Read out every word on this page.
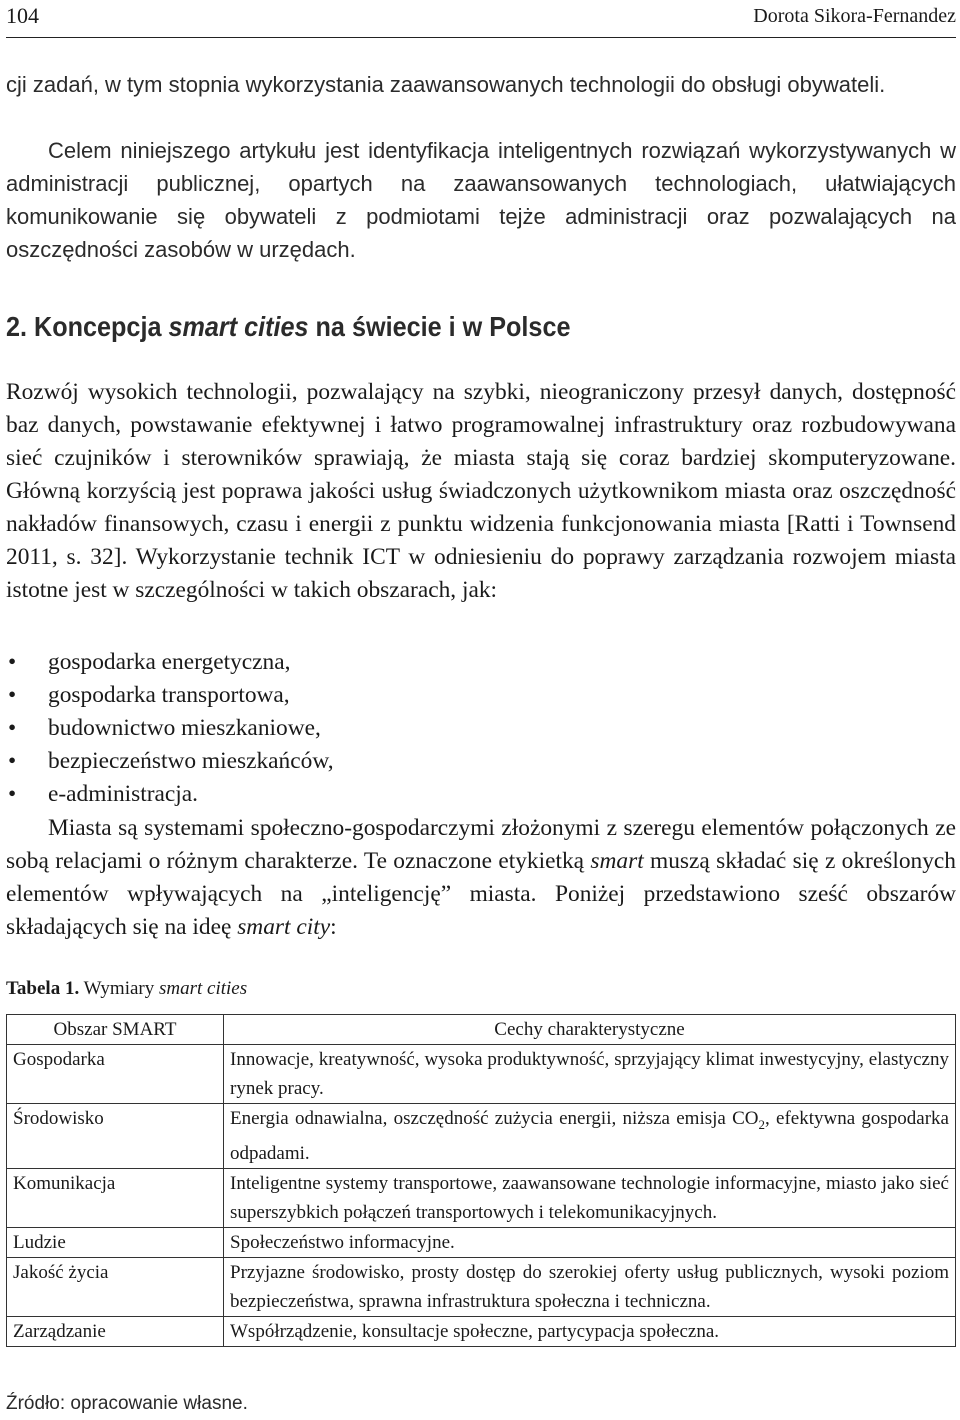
104	Dorota Sikora-Fernandez
cji zadań, w tym stopnia wykorzystania zaawansowanych technologii do obsługi obywateli.
Celem niniejszego artykułu jest identyfikacja inteligentnych rozwiązań wykorzystywanych w administracji publicznej, opartych na zaawansowanych technologiach, ułatwiających komunikowanie się obywateli z podmiotami tejże administracji oraz pozwalających na oszczędności zasobów w urzędach.
2. Koncepcja smart cities na świecie i w Polsce
Rozwój wysokich technologii, pozwalający na szybki, nieograniczony przesył danych, dostępność baz danych, powstawanie efektywnej i łatwo programowalnej infrastruktury oraz rozbudowywana sieć czujników i sterowników sprawiają, że miasta stają się coraz bardziej skomputeryzowane. Główną korzyścią jest poprawa jakości usług świadczonych użytkownikom miasta oraz oszczędność nakładów finansowych, czasu i energii z punktu widzenia funkcjonowania miasta [Ratti i Townsend 2011, s. 32]. Wykorzystanie technik ICT w odniesieniu do poprawy zarządzania rozwojem miasta istotne jest w szczególności w takich obszarach, jak:
• gospodarka energetyczna,
• gospodarka transportowa,
• budownictwo mieszkaniowe,
• bezpieczeństwo mieszkańców,
• e-administracja.
Miasta są systemami społeczno-gospodarczymi złożonymi z szeregu elementów połączonych ze sobą relacjami o różnym charakterze. Te oznaczone etykietką smart muszą składać się z określonych elementów wpływających na „inteligencję” miasta. Poniżej przedstawiono sześć obszarów składających się na ideę smart city:
Tabela 1. Wymiary smart cities
Obszar SMART	Cechy charakterystyczne
Gospodarka	Innowacje, kreatywność, wysoka produktywność, sprzyjający klimat inwestycyjny, elastyczny rynek pracy.
Środowisko	Energia odnawialna, oszczędność zużycia energii, niższa emisja $CO_2$, efektywna gospodarka odpadami.
Komunikacja	Inteligentne systemy transportowe, zaawansowane technologie informacyjne, miasto jako sieć superszybkich połączeń transportowych i telekomunikacyjnych.
Ludzie	Społeczeństwo informacyjne.
Jakość życia	Przyjazne środowisko, prosty dostęp do szerokiej oferty usług publicznych, wysoki poziom bezpieczeństwa, sprawna infrastruktura społeczna i techniczna.
Zarządzanie	Współrządzenie, konsultacje społeczne, partycypacja społeczna.
Źródło: opracowanie własne.
